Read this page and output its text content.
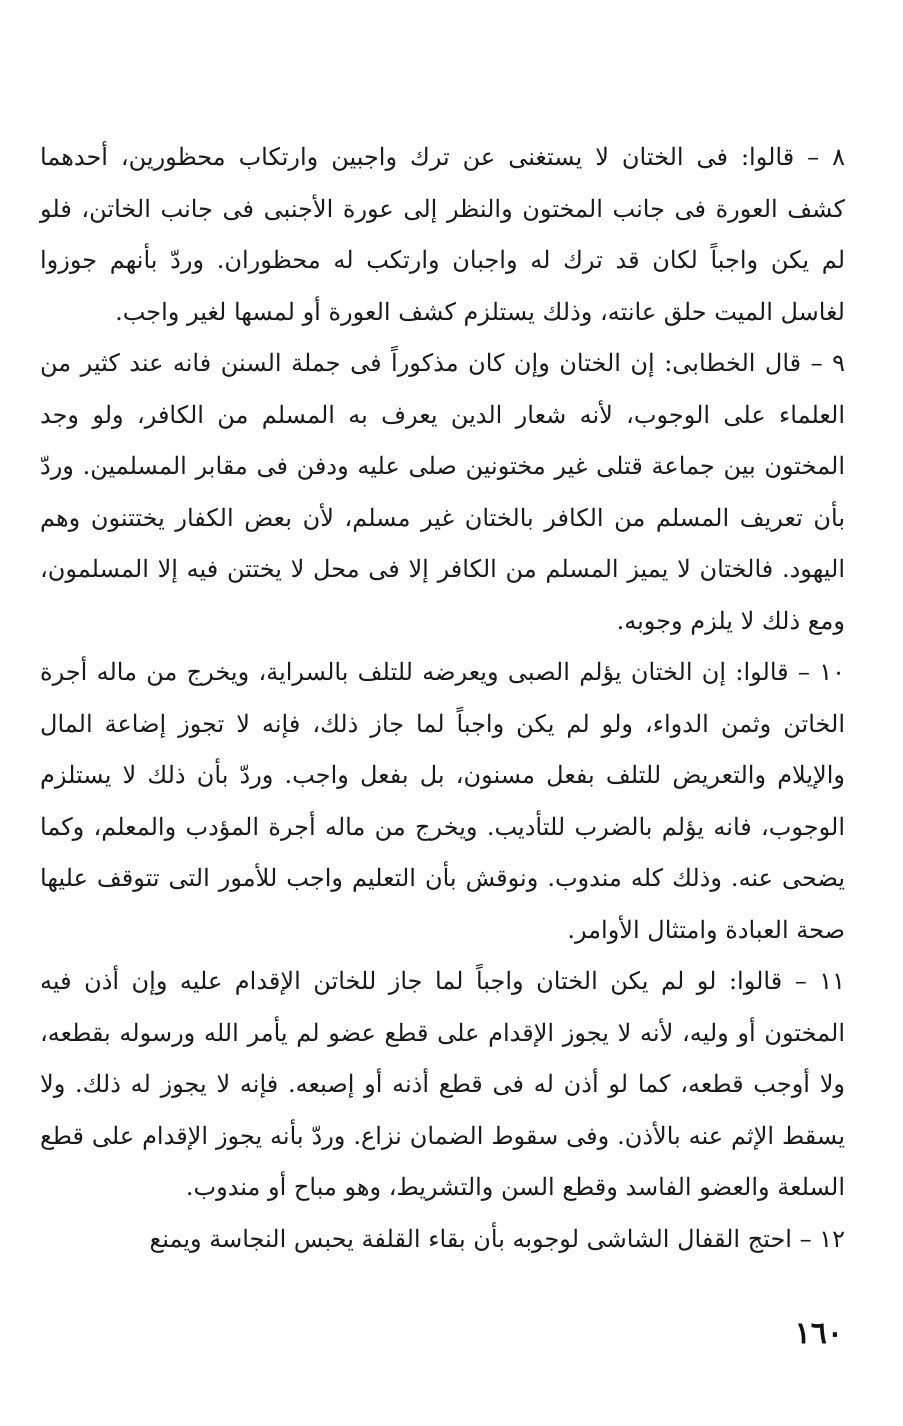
٨ – قالوا: فى الختان لا يستغنى عن ترك واجبين وارتكاب محظورين، أحدهما كشف العورة فى جانب المختون والنظر إلى عورة الأجنبى فى جانب الخاتن، فلو لم يكن واجباً لكان قد ترك له واجبان وارتكب له محظوران. وردّ بأنهم جوزوا لغاسل الميت حلق عانته، وذلك يستلزم كشف العورة أو لمسها لغير واجب.

٩ – قال الخطابى: إن الختان وإن كان مذكوراً فى جملة السنن فانه عند كثير من العلماء على الوجوب، لأنه شعار الدين يعرف به المسلم من الكافر، ولو وجد المختون بين جماعة قتلى غير مختونين صلى عليه ودفن فى مقابر المسلمين. وردّ بأن تعريف المسلم من الكافر بالختان غير مسلم، لأن بعض الكفار يختتنون وهم اليهود. فالختان لا يميز المسلم من الكافر إلا فى محل لا يختتن فيه إلا المسلمون، ومع ذلك لا يلزم وجوبه.

١٠ – قالوا: إن الختان يؤلم الصبى ويعرضه للتلف بالسراية، ويخرج من ماله أجرة الخاتن وثمن الدواء، ولو لم يكن واجباً لما جاز ذلك، فإنه لا تجوز إضاعة المال والإيلام والتعريض للتلف بفعل مسنون، بل بفعل واجب. وردّ بأن ذلك لا يستلزم الوجوب، فانه يؤلم بالضرب للتأديب. ويخرج من ماله أجرة المؤدب والمعلم، وكما يضحى عنه. وذلك كله مندوب. ونوقش بأن التعليم واجب للأمور التى تتوقف عليها صحة العبادة وامتثال الأوامر.

١١ – قالوا: لو لم يكن الختان واجباً لما جاز للخاتن الإقدام عليه وإن أذن فيه المختون أو وليه، لأنه لا يجوز الإقدام على قطع عضو لم يأمر الله ورسوله بقطعه، ولا أوجب قطعه، كما لو أذن له فى قطع أذنه أو إصبعه. فإنه لا يجوز له ذلك. ولا يسقط الإثم عنه بالأذن. وفى سقوط الضمان نزاع. وردّ بأنه يجوز الإقدام على قطع السلعة والعضو الفاسد وقطع السن والتشريط، وهو مباح أو مندوب.

١٢ – احتج القفال الشاشى لوجوبه بأن بقاء القلفة يحبس النجاسة ويمنع

١٦٠
